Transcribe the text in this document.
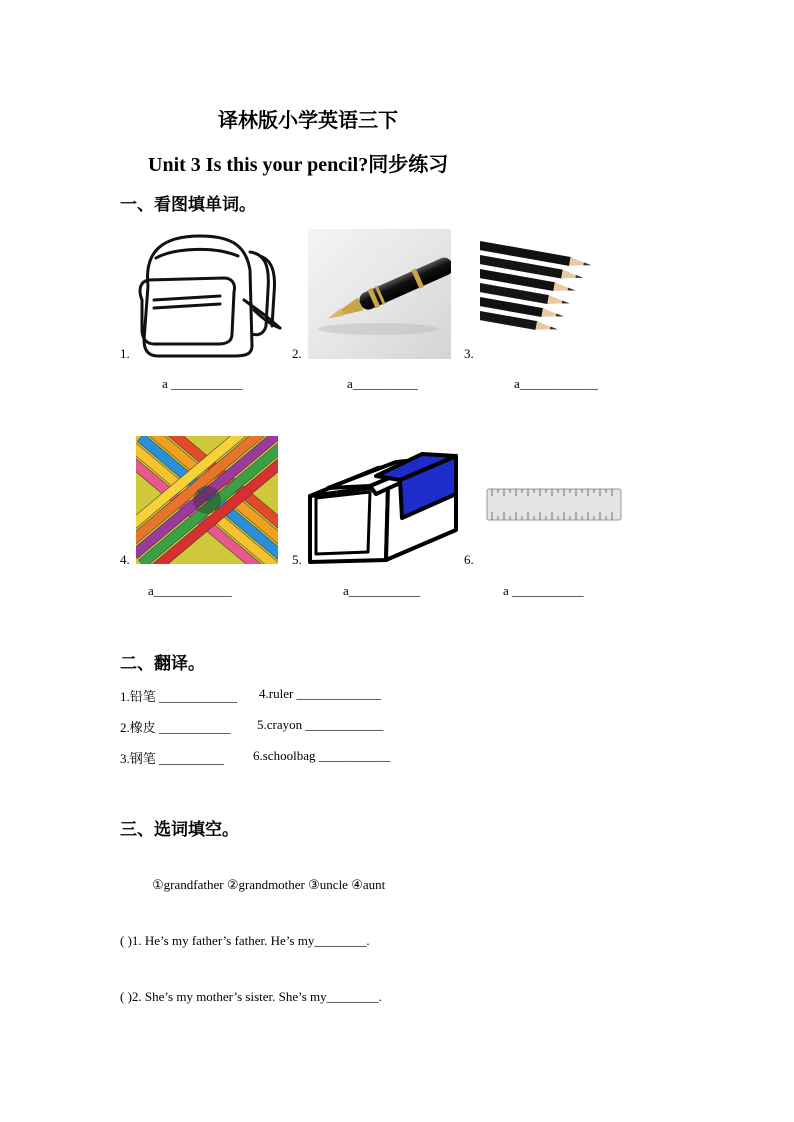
译林版小学英语三下
Unit 3 Is this your pencil?同步练习
一、看图填单词。
1.	2.	3.
a ___________	a__________	a____________
4.	5.	6.
a____________	a___________	a ___________
二、翻译。
1.铅笔 ____________ 4.ruler _____________
2.橡皮 ___________ 5.crayon ____________
3.钢笔 __________ 6.schoolbag ___________
三、选词填空。
①grandfather ②grandmother ③uncle ④aunt
( )1. He’s my father’s father. He’s my________.
( )2. She’s my mother’s sister. She’s my________.
